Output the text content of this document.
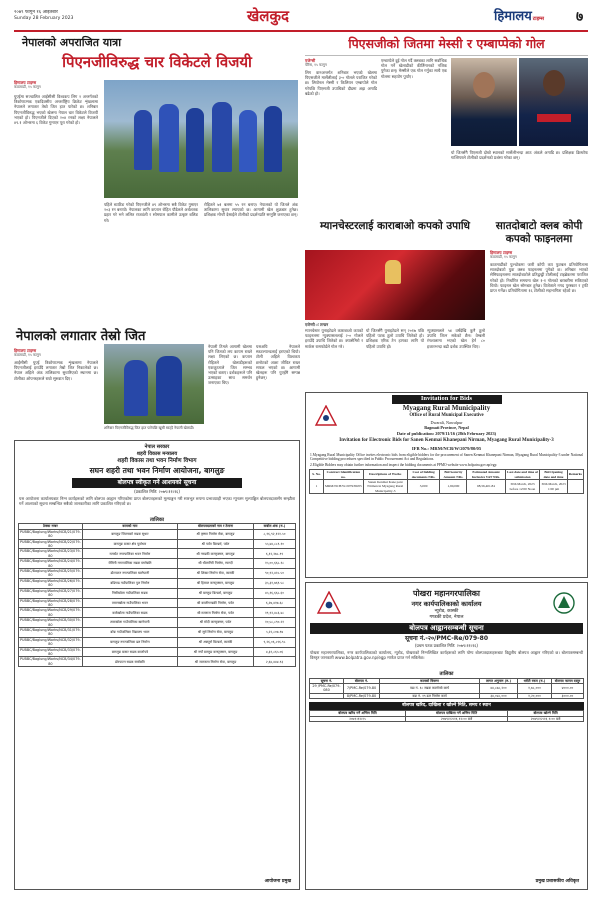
२०७९ फागुन १६ आइतबार
Sunday 28 February 2023	खेलकुद	हिमालयटाइम्स ७
नेपालको अपराजित यात्रा
पिएनजीविरुद्ध चार विकेटले विजयी
हिमालय टाइम्स
काठमाडौं, १५ फागुन
युएईमा सञ्चालित आईसीसी विश्वकप लिग २ अन्तर्गतको त्रिकोणात्मक एकदिवसीय अन्तर्राष्ट्रिय क्रिकेट शृंखलामा नेपालले लगातार तेस्रो जित हात पारेको छ। शनिबार पिएनजीविरुद्ध भएको खेलमा नेपाल चार विकेटले विजयी भएको हो। पिएनजीले दिएको २०४ रनको लक्ष्य नेपालले ४९.१ ओभरमा ६ विकेट गुमाएर पूरा गरेको हो।
पहिले ब्याटिङ गरेको पिएनजीले ४९ ओभरमा सबै विकेट गुमाएर २०३ रन बनायो। नेपालका लागि कप्तान रोहित पौडेलले अर्धशतक प्रहार गरे भने ललित राजवंशी र सोमपाल कामीले उत्कृष्ट बलिङ गरे।
रोहितले ७१ बलमा ५५ रन बनाए। नेपालको यो जितले अंक तालिकामा सुधार ल्याएको छ। आगामी खेल शुक्रबार हुनेछ। प्रशिक्षक मोन्टी देसाईले टोलीको प्रदर्शनप्रति सन्तुष्टि जनाएका छन्।
पिएसजीको जितमा मेस्सी र एम्बाप्पेको गोल
एजेन्सी
पेरिस, १५ फागुन
लिग वानअन्तर्गत शनिबार भएको खेलमा पिएसजीले मार्सेलीलाई ३-० गोलले पराजित गरेको छ। लियोनल मेस्सी र किलियन एम्बाप्पेले गोल गरेपछि पिएसजी उपाधिको दौडमा अझ अगाडि बढेको हो।
एम्बाप्पेले दुई गोल गर्दै क्लबका लागि सर्वाधिक गोल गर्ने खेलाडीको कीर्तिमानको नजिक पुगेका छन्। मेस्सीले एक गोल गर्नुका साथै एक गोलमा सहयोग पुर्याए।
यो जितसँगै पिएसजी दोस्रो स्थानको मार्सेलीभन्दा आठ अंकले अगाडि छ। प्रशिक्षक क्रिस्टोफ गाल्टियरले टोलीको प्रदर्शनको प्रशंसा गरेका छन्।
म्यानचेस्टरलाई काराबाओ कपको उपाधि
एजेन्सी ः लन्डन
म्यानचेस्टर युनाइटेडले काराबाओ कपको फाइनलमा न्युक्यासललाई २-० गोलले हराउँदै उपाधि जितेको छ। क्यासेमिरो र मार्कस रासफोर्डले गोल गरे।
यो जितसँगै युनाइटेडले सन् २०१७ पछि पहिलो पटक ठूलो उपाधि जितेको हो। प्रशिक्षक एरिक टेन हागका लागि यो पहिलो उपाधि हो।
न्युक्यासलले ५४ वर्षदेखि कुनै ठूलो उपाधि जित्न सकेको छैन। वेम्बली रंगशालामा भएको खेल हेर्न ८० हजारभन्दा बढी दर्शक उपस्थित थिए।
सातदोबाटो क्लब कोपी कपको फाइनलमा
हिमालय टाइम्स
काठमाडौं, १५ फागुन
काठमाडौंको पुल्चोकमा जारी कोपी कप फुटबल प्रतियोगितामा सातदोबाटो युवा क्लब फाइनलमा पुगेको छ। शनिबार भएको सेमिफाइनलमा सातदोबाटोले प्रतिद्वन्द्वी टोलीलाई टाइब्रेकरमा पराजित गरेको हो। निर्धारित समयमा खेल १-१ गोलको बराबरीमा सकिएको थियो। फाइनल खेल सोमबार हुनेछ। विजेताले नगद पुरस्कार र ट्रफी प्राप्त गर्नेछ। प्रतियोगितामा १६ टोलीको सहभागिता रहेको छ।
नेपालको लगातार तेस्रो जित
हिमालय टाइम्स
काठमाडौं, १५ फागुन
आईसीसी युएई त्रिकोणात्मक शृंखलामा नेपालले पिएनजीलाई हराउँदै लगातार तेस्रो जित निकालेको छ। नेपाल अहिले अंक तालिकामा सुधारिएको स्थानमा छ। टोलीका ओपनरहरूले राम्रो सुरुवात दिए।
शनिबार पिएनजीविरुद्ध जित हात पारेपछि खुसी साट्दै नेपाली खेलाडी।
नेपाली टिमले आगामी खेलमा पनि जितको लय कायम राख्ने लक्ष्य लिएको छ। कप्तान रोहितले खेलाडीहरूको एकजुटताले जित सम्भव भएको बताए। दर्शकहरूले पनि उत्साहका साथ समर्थन जनाएका थिए।
यसअघि नेपालले स्कटल्यान्डलाई हराएको थियो। टोली अहिले विश्वकप छनोटको आशा जीवित राख्न सफल भएको छ। आगामी खेलहरू पनि युएईमै सम्पन्न हुनेछन्।
नेपाल सरकार
शहरी विकास मन्त्रालय
शहरी विकास तथा भवन निर्माण विभाग
सघन शहरी तथा भवन निर्माण आयोजना, बागलुङ
बोलपत्र स्वीकृत गर्ने आशयको सूचना
(प्रकाशित मिति: २०७९।११।१६)
यस आयोजना कार्यालयबाट निम्न कार्यहरूको लागि बोलपत्र आह्वान गरिएकोमा प्राप्त बोलपत्रहरूको मूल्याङ्कन गरी सारभूत रूपमा प्रभावग्राही भएका न्यूनतम मूल्याङ्कित बोलपत्रदातासँग सम्झौता गर्ने आशयको सूचना सम्बन्धित सबैको जानकारीका लागि प्रकाशित गरिएको छ।
तालिका
ठेक्का नम्बर	कामको नाम	बोलपत्रदाताको नाम र ठेगाना	कबोल अंक (रु.)
PUBBC/Baglung/Works/NCB/21/079-80	बागलुङ जिल्लाको सडक सुधार	श्री कृष्णा निर्माण सेवा, बागलुङ	८,१६,९२,१२१.५०
PUBBC/Baglung/Works/NCB/22/079-80	बागलुङ बजार क्षेत्र पूर्वाधार	श्री पर्वत बिल्डर्स, पर्वत	५५,४४,८८९.१०
PUBBC/Baglung/Works/NCB/23/079-80	गल्कोट नगरपालिका भवन निर्माण	श्री गण्डकी कन्स्ट्रक्सन, बागलुङ	६,१२,२७८.९९
PUBBC/Baglung/Works/NCB/24/079-80	जैमिनी नगरपालिका सडक स्तरोन्नति	श्री धौलागिरी निर्माण, म्याग्दी	१५,००,६६८.१८
PUBBC/Baglung/Works/NCB/25/079-80	ढोरपाटन नगरपालिका खानेपानी	श्री शिखर निर्माण सेवा, कास्की	९०,९२,४१८.५०
PUBBC/Baglung/Works/NCB/26/079-80	बडिगाड गाउँपालिका पुल निर्माण	श्री हिमाल कन्स्ट्रक्सन, बागलुङ	३५,३१,७६९.५८
PUBBC/Baglung/Works/NCB/27/079-80	निसीखोला गाउँपालिका सडक	श्री बाग्लुङ बिल्डर्स, बागलुङ	४५,१६,६६८.६०
PUBBC/Baglung/Works/NCB/28/079-80	तमानखोला गाउँपालिका भवन	श्री कालीगण्डकी निर्माण, पर्वत	६,२७,४१७.६८
PUBBC/Baglung/Works/NCB/29/079-80	काठेखोला गाउँपालिका सडक	श्री मल्लाज निर्माण सेवा, पर्वत	१९,९२,४८६.४८
PUBBC/Baglung/Works/NCB/30/079-80	ताराखोला गाउँपालिका खानेपानी	श्री मोदी कन्स्ट्रक्सन, पर्वत	१०,५८,८९०.२१
PUBBC/Baglung/Works/NCB/31/079-80	बरेङ गाउँपालिका विद्यालय भवन	श्री सूर्य निर्माण सेवा, बागलुङ	५,२२,८०७.९७
PUBBC/Baglung/Works/NCB/32/079-80	बागलुङ नगरपालिका ढल निर्माण	श्री अन्नपूर्ण बिल्डर्स, कास्की	९,२६,०६,८९६.९८
PUBBC/Baglung/Works/NCB/33/079-80	बागलुङ बजार सडक कालोपत्रे	श्री नयाँ बाग्लुङ कन्स्ट्रक्सन, बागलुङ	४,३१,८६५.०६
PUBBC/Baglung/Works/NCB/34/079-80	ढोरपाटन सडक स्तरोन्नति	श्री जलजला निर्माण सेवा, बागलुङ	२,६४,४४४.९३
आयोजना प्रमुख
Invitation for Bids
Myagang Rural Municipality
Office of Rural Municipal Executive
Dwarali, Nawalpur
Bagmati Province, Nepal
Date of publication: 2079/11/16 (28th February 2023)
Invitation for Electronic Bids for Sanen Kenmai Khanepani Nirman, Myagang Rural Municipality-3
IFB No.: MRM/NCB/W/2079/80/05
1.Myagang Rural Municipality Office invites electronic bids from eligible bidders for the procurement of Sanen Kenmai Khanepani Nirman, Myagang Rural Municipality-3 under National Competitive bidding procedures specified in Public Procurement Act and Regulations.
2.Eligible Bidders may obtain further information and inspect the bidding documents at PPMO website www.bolpatra.gov.np/egp
S. No.	Contract Identification no.	Descriptions of Works	Cost of bidding documents NRs.	Bid Security Amount NRs.	Estimated Amount Inclusive VAT NRs.	Last date and time of submission	Bid Opening date and time	Remarks
1	MRM/NCB/W/2079/80/05	Sanen Kenmai Kane pani Nirman in Myagang Rural Municipality-3	3,000	1,90,000	68,56,401.84	30th March, 2023 before 12:00 Noon	30th March, 2023 1:00 pm	
पोखरा महानगरपालिका
नगर कार्यपालिकाको कार्यालय
न्युरोड, कास्की
गण्डकी प्रदेश, नेपाल
बोलपत्र आह्वानसम्बन्धी सूचना
सूचना नं.-२०/PMC-Re/079-80
(प्रथम पटक प्रकाशित मिति: २०७९।११।१६)
पोखरा महानगरपालिका, नगर कार्यपालिकाको कार्यालय, न्युरोड, पोखराको निम्नलिखित कार्यहरूको लागि योग्य बोलपत्रदाताहरूबाट विद्युतीय बोलपत्र आह्वान गरिएको छ। बोलपत्रसम्बन्धी विस्तृत जानकारी www.bolpatra.gov.np/egp मार्फत प्राप्त गर्न सकिनेछ।
तालिका
सूचना नं.	बोलपत्र नं.	कामको विवरण	लागत अनुमान (रु.)	धरौटी रकम (रु.)	बोलपत्र फाराम दस्तुर
29 /PMC-Re/079-080	7/PMC-Re/079-80	वडा नं. १८ सडक कालोपत्रे कार्य	४४,८७८,२००	१,७८,०००	४०००.००
	8/PMC-Re/079-80	वडा नं. १९ ढल निर्माण कार्य	३४,०४८,०००	१,२०,०००	३०००.००
बोलपत्र खरिद, दाखिला र खोल्ने मिति, समय र स्थान
बोलपत्र खरिद गर्ने अन्तिम मिति	बोलपत्र दाखिला गर्ने अन्तिम मिति	बोलपत्र खोल्ने मिति
२०७९।१२।१५	२०७९।१२।१६ १२:०० बजे	२०७९।१२।१६ १:०० बजे
प्रमुख प्रशासकीय अधिकृत
